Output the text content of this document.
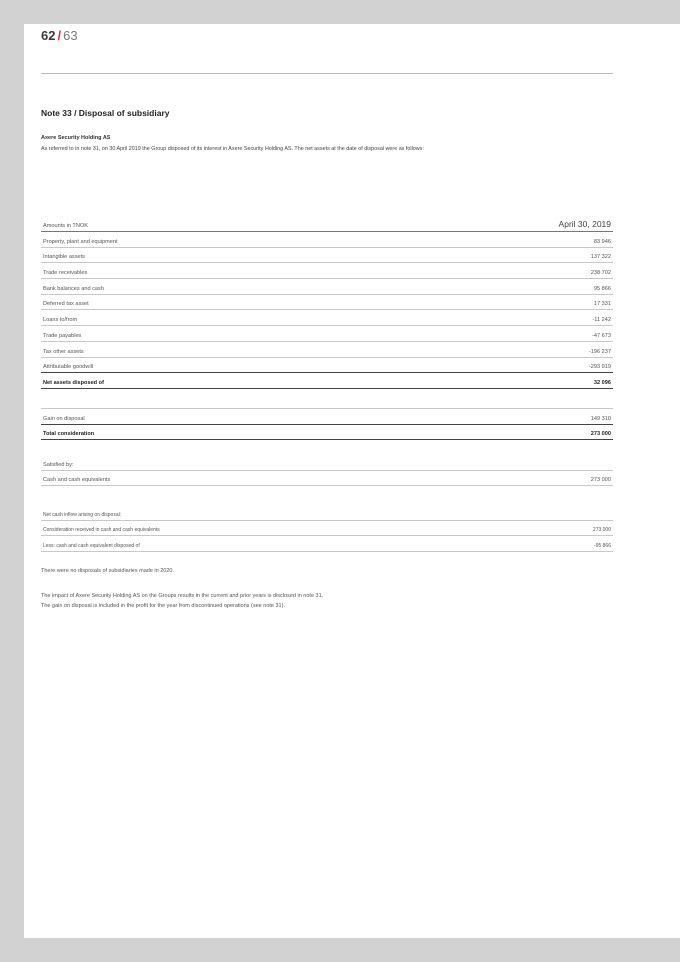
62 / 63
Note 33 / Disposal of subsidiary
Axere Security Holding AS
As referred to in note 31, on 30 April 2019 the Group disposed of its interest in Axere Security Holding AS. The net assets at the date of disposal were as follows:
Amounts in TNOK	April 30, 2019
Property, plant and equipment	83 946
Intangible assets	137 322
Trade receivables	238 702
Bank balances and cash	95 866
Deferred tax asset	17 331
Loans to/from	-11 242
Trade payables	-47 673
Tax other assets	-196 237
Attributable goodwill	-293 919
Net assets disposed of	32 096
Gain on disposal	149 310
Total consideration	273 000
Satisfied by:
Cash and cash equivalents	273 000
Net cash inflow arising on disposal:
Consideration received in cash and cash equivalents	273 000
Less: cash and cash equivalent disposed of	-95 866
There were no disposals of subsidiaries made in 2020.
The impact of Axere Security Holding AS on the Groups results in the current and prior years is disclosed in note 31.
The gain on disposal is included in the profit for the year from discontinued operations (see note 31).
